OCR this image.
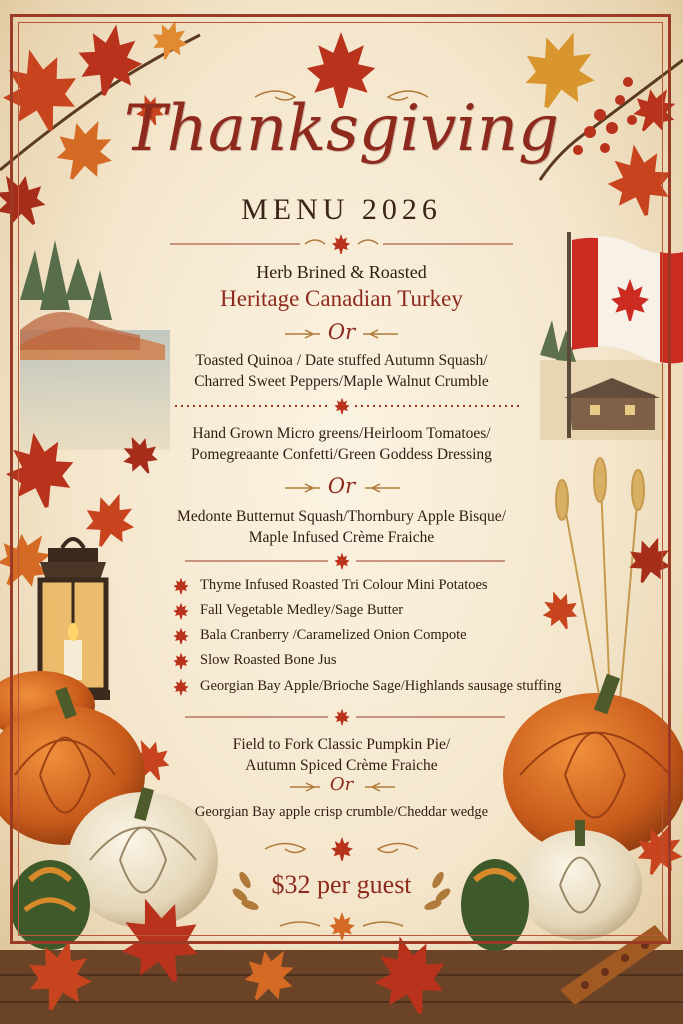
Thanksgiving
MENU 2026
Herb Brined & Roasted
Heritage Canadian Turkey
Or
Toasted Quinoa / Date stuffed Autumn Squash/
Charred Sweet Peppers/Maple Walnut Crumble
Hand Grown Micro greens/Heirloom Tomatoes/
Pomegreaante Confetti/Green Goddess Dressing
Or
Medonte Butternut Squash/Thornbury Apple Bisque/
Maple Infused Crème Fraiche
Thyme Infused Roasted Tri Colour Mini Potatoes
Fall Vegetable Medley/Sage Butter
Bala Cranberry /Caramelized Onion Compote
Slow Roasted Bone Jus
Georgian Bay Apple/Brioche Sage/Highlands sausage stuffing
Field to Fork Classic Pumpkin Pie/
Autumn Spiced Crème Fraiche
Or
Georgian Bay apple crisp crumble/Cheddar wedge
$32 per guest
